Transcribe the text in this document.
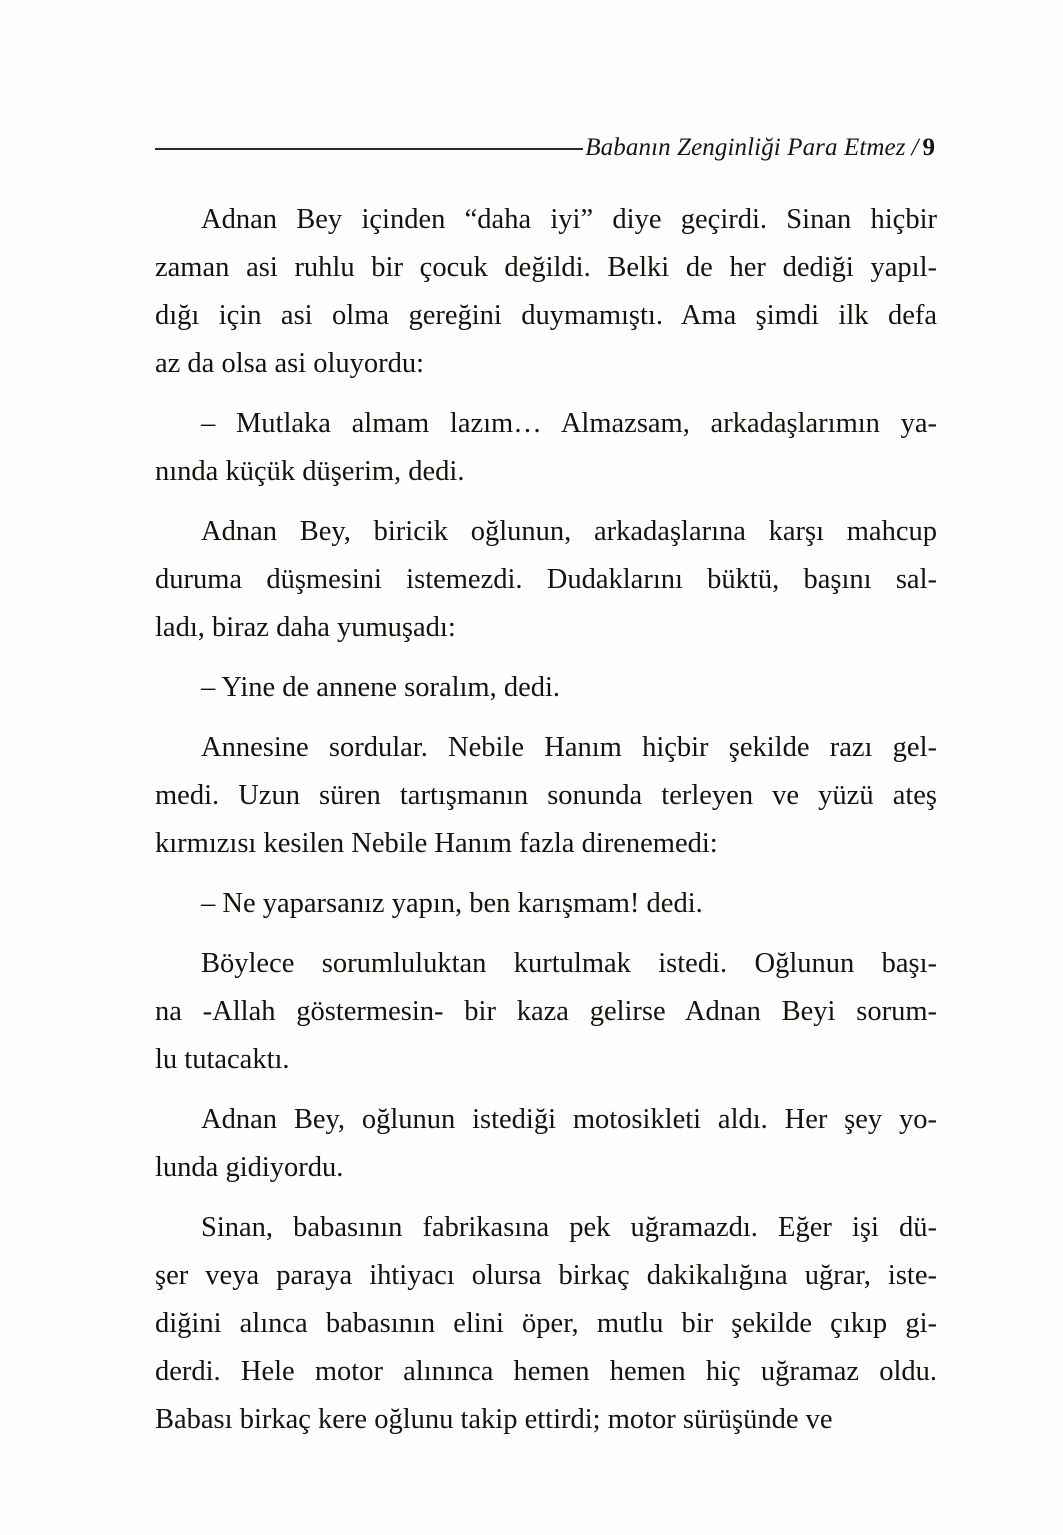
Babanın Zenginliği Para Etmez / 9
Adnan Bey içinden “daha iyi” diye geçirdi. Sinan hiçbir
zaman asi ruhlu bir çocuk değildi. Belki de her dediği yapıl-
dığı için asi olma gereğini duymamıştı. Ama şimdi ilk defa
az da olsa asi oluyordu:
– Mutlaka almam lazım… Almazsam, arkadaşlarımın ya-
nında küçük düşerim, dedi.
Adnan Bey, biricik oğlunun, arkadaşlarına karşı mahcup
duruma düşmesini istemezdi. Dudaklarını büktü, başını sal-
ladı, biraz daha yumuşadı:
– Yine de annene soralım, dedi.
Annesine sordular. Nebile Hanım hiçbir şekilde razı gel-
medi. Uzun süren tartışmanın sonunda terleyen ve yüzü ateş
kırmızısı kesilen Nebile Hanım fazla direnemedi:
– Ne yaparsanız yapın, ben karışmam! dedi.
Böylece sorumluluktan kurtulmak istedi. Oğlunun başı-
na -Allah göstermesin- bir kaza gelirse Adnan Beyi sorum-
lu tutacaktı.
Adnan Bey, oğlunun istediği motosikleti aldı. Her şey yo-
lunda gidiyordu.
Sinan, babasının fabrikasına pek uğramazdı. Eğer işi dü-
şer veya paraya ihtiyacı olursa birkaç dakikalığına uğrar, iste-
diğini alınca babasının elini öper, mutlu bir şekilde çıkıp gi-
derdi. Hele motor alınınca hemen hemen hiç uğramaz oldu.
Babası birkaç kere oğlunu takip ettirdi; motor sürüşünde ve
